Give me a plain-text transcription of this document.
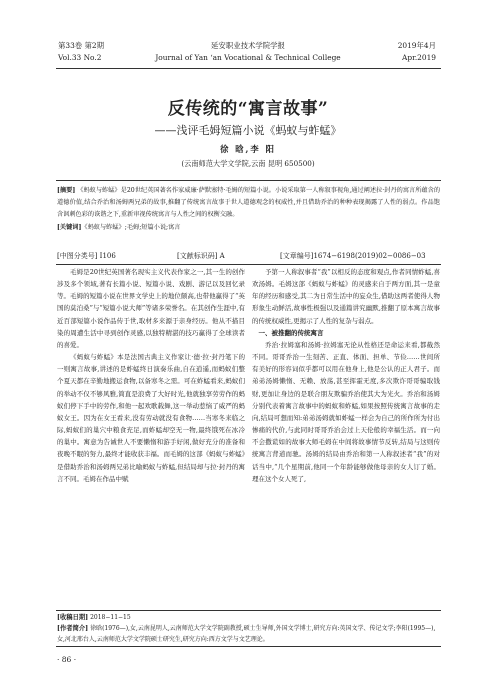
第33卷 第2期
Vol.33 No.2
延安职业技术学院学报
Journal of Yan ‘an Vocational & Technical College
2019年4月
Apr.2019
反传统的“寓言故事”
——浅评毛姆短篇小说《蚂蚁与蚱蜢》
徐 晗,李 阳
(云南师范大学文学院,云南 昆明 650500)
[摘要] 《蚂蚁与蚱蜢》是20世纪英国著名作家威廉·萨默塞特·毛姆的短篇小说。小说采取第一人称叙事视角,通过阐述拉·封丹的寓言所蕴含的道德价值,结合乔治和汤姆两兄弟的故事,推翻了传统寓言故事于世人道德观念的权威性,并且借助乔治的种种表现揭露了人性的弱点。作品饱含讽刺色彩的诙谐之下,重新审视传统寓言与人性之间的权衡交融。
[关键词]《蚂蚁与蚱蜢》;毛姆;短篇小说;寓言
[中图分类号] I106	[文献标识码] A	[文章编号]1674−6198(2019)02−0086−03

毛姆是20世纪英国著名现实主义代表作家之一,其一生的创作涉及多个领域,著有长篇小说、短篇小说、戏剧、游记以及回忆录等。毛姆的短篇小说在世界文学史上的地位颇高,也带他赢得了“英国的莫泊桑”与“短篇小说大师”等诸多荣誉名。在其创作生涯中,有近百部短篇小说作品传于世,取材多来源于亲身经历。他从不描目染的周遭生活中寻到创作灵感,以独特精湛的技巧赢得了全球读者的喜爱。

《蚂蚁与蚱蜢》本是法国古典主义作家让·德·拉·封丹笔下的一则寓言故事,讲述的是蚱蜢终日演奏乐曲,自在逍遥,而蚂蚁们整个夏天都在辛勤地搬运食物,以备寒冬之需。可在蚱蜢看来,蚂蚁们的举动不仅不够风雅,简直是浪费了大好时光,他就独享劳劳作的蚂蚁们停下手中的劳作,和他一起欢歌载舞,这一举动惹恼了威严的蚂蚁女王。因为在女王看来,没有劳动就没有食物……当寒冬来临之际,蚂蚁们的巢穴中粮食充足,而蚱蜢却空无一物,最终饿死在冰冷的巢中。寓意为告诫世人不要懒惰和游手好闲,做好充分的准备和夜晚不眠的努力,最终才能收获丰福。而毛姆的这部《蚂蚁与蚱蜢》是借助乔治和汤姆两兄弟比喻蚂蚁与蚱蜢,但结局却与拉·封丹的寓言不同。毛姆在作品中赋

予第一人称叙事者“我”以相反的态度和观点,作者同情蚱蜢,喜欢汤姆。毛姆这部《蚂蚁与蚱蜢》的灵感来自于两方面,其一是童年的经历和感受,其二为日常生活中的妄众生,借助这两者使得人物形象生动鲜活,故事性极强以及通篇讲究幽默,推翻了原本寓言故事的传统权威性,更揭示了人性的复杂与弱点。

一、被推翻的传统寓言

乔治·拉姆塞和汤姆·拉姆塞无论从性格还是命运来看,都截然不同。哥哥乔治一生刻苦、正直、体面、担单、节俭……世间所有美好的形容词似乎都可以用在他身上,他是公认的正人君子。而弟弟汤姆懒惰、无赖、放荡,甚至挥霍无度,多次欺诈哥哥骗取钱财,更加让身边的是联合朋友欺骗乔治使其大为光火。乔治和汤姆分别代表着寓言故事中的蚂蚁和蚱蜢,如果按照传统寓言故事的走向,结局可想而知:弟弟汤姆就如蚱蜢一样会为自己的所作所为付出惨痛的代价,与此同时哥哥乔治会过上天伦般的幸福生活。而一向不会撒谎如的故事大师毛姆在中间将故事情节反转,结局与这则传统寓言背道而驰。汤姆的结局由乔治和第一人称叙述者“我”的对话当中,“几个星期前,他同一个年龄能够做他母亲的女人订了婚。理在这个女人死了,

[收稿日期] 2018−11−15
[作者简介] 徐晗(1976—),女,云南昆明人,云南师范大学文学院副教授,硕士生导师,外国文学博士,研究方向:英国文学、传记文学;李阳(1995—),女,河北邢台人,云南师范大学文学院硕士研究生,研究方向:西方文学与文艺理论。
· 86 ·
